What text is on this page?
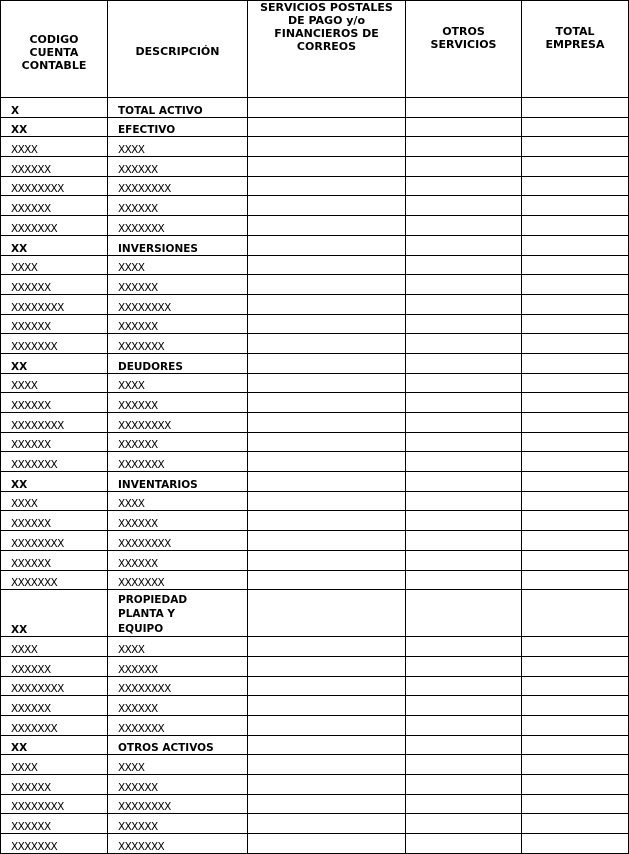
CODIGO CUENTA CONTABLE	DESCRIPCIÓN	SERVICIOS POSTALES DE PAGO y/o FINANCIEROS DE CORREOS	OTROS SERVICIOS	TOTAL EMPRESA
X	TOTAL ACTIVO			
XX	EFECTIVO			
XXXX	XXXX			
XXXXXX	XXXXXX			
XXXXXXXX	XXXXXXXX			
XXXXXX	XXXXXX			
XXXXXXX	XXXXXXX			
XX	INVERSIONES			
XXXX	XXXX			
XXXXXX	XXXXXX			
XXXXXXXX	XXXXXXXX			
XXXXXX	XXXXXX			
XXXXXXX	XXXXXXX			
XX	DEUDORES			
XXXX	XXXX			
XXXXXX	XXXXXX			
XXXXXXXX	XXXXXXXX			
XXXXXX	XXXXXX			
XXXXXXX	XXXXXXX			
XX	INVENTARIOS			
XXXX	XXXX			
XXXXXX	XXXXXX			
XXXXXXXX	XXXXXXXX			
XXXXXX	XXXXXX			
XXXXXXX	XXXXXXX			
XX	PROPIEDAD
PLANTA Y
EQUIPO			

XXXX	XXXX			
XXXXXX	XXXXXX			
XXXXXXXX	XXXXXXXX			
XXXXXX	XXXXXX			
XXXXXXX	XXXXXXX			
XX	OTROS ACTIVOS			
XXXX	XXXX			
XXXXXX	XXXXXX			
XXXXXXXX	XXXXXXXX			
XXXXXX	XXXXXX			
XXXXXXX	XXXXXXX			
